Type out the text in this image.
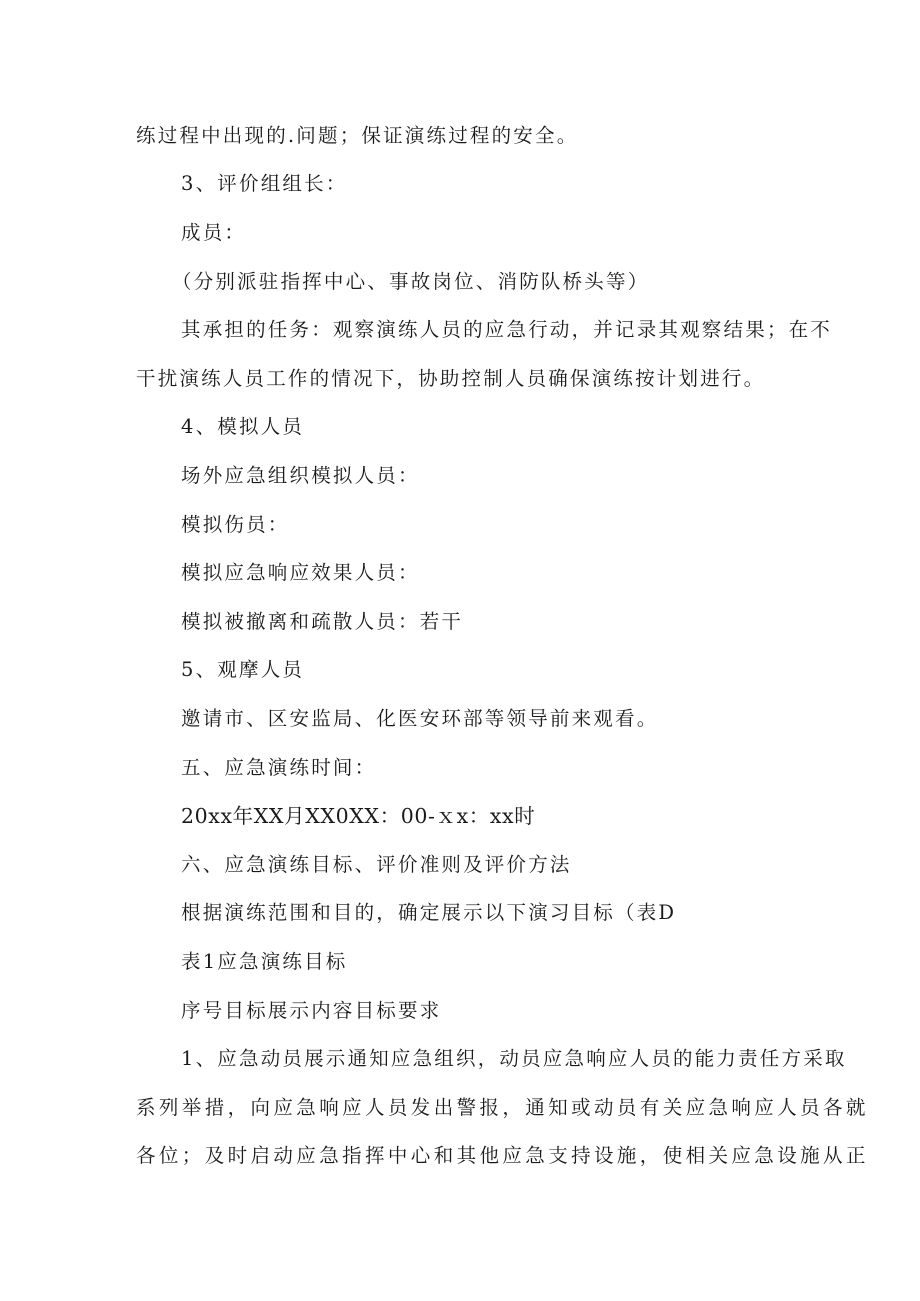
练过程中出现的.问题；保证演练过程的安全。
3、评价组组长：
成员：
（分别派驻指挥中心、事故岗位、消防队桥头等）
其承担的任务：观察演练人员的应急行动，并记录其观察结果；在不
干扰演练人员工作的情况下，协助控制人员确保演练按计划进行。
4、模拟人员
场外应急组织模拟人员：
模拟伤员：
模拟应急响应效果人员：
模拟被撤离和疏散人员：若干
5、观摩人员
邀请市、区安监局、化医安环部等领导前来观看。
五、应急演练时间：
20xx年XX月XX0XX：00-ｘx：xx时
六、应急演练目标、评价准则及评价方法
根据演练范围和目的，确定展示以下演习目标（表D
表1应急演练目标
序号目标展示内容目标要求
1、应急动员展示通知应急组织，动员应急响应人员的能力责任方采取
系列举措，向应急响应人员发出警报，通知或动员有关应急响应人员各就
各位；及时启动应急指挥中心和其他应急支持设施，使相关应急设施从正
